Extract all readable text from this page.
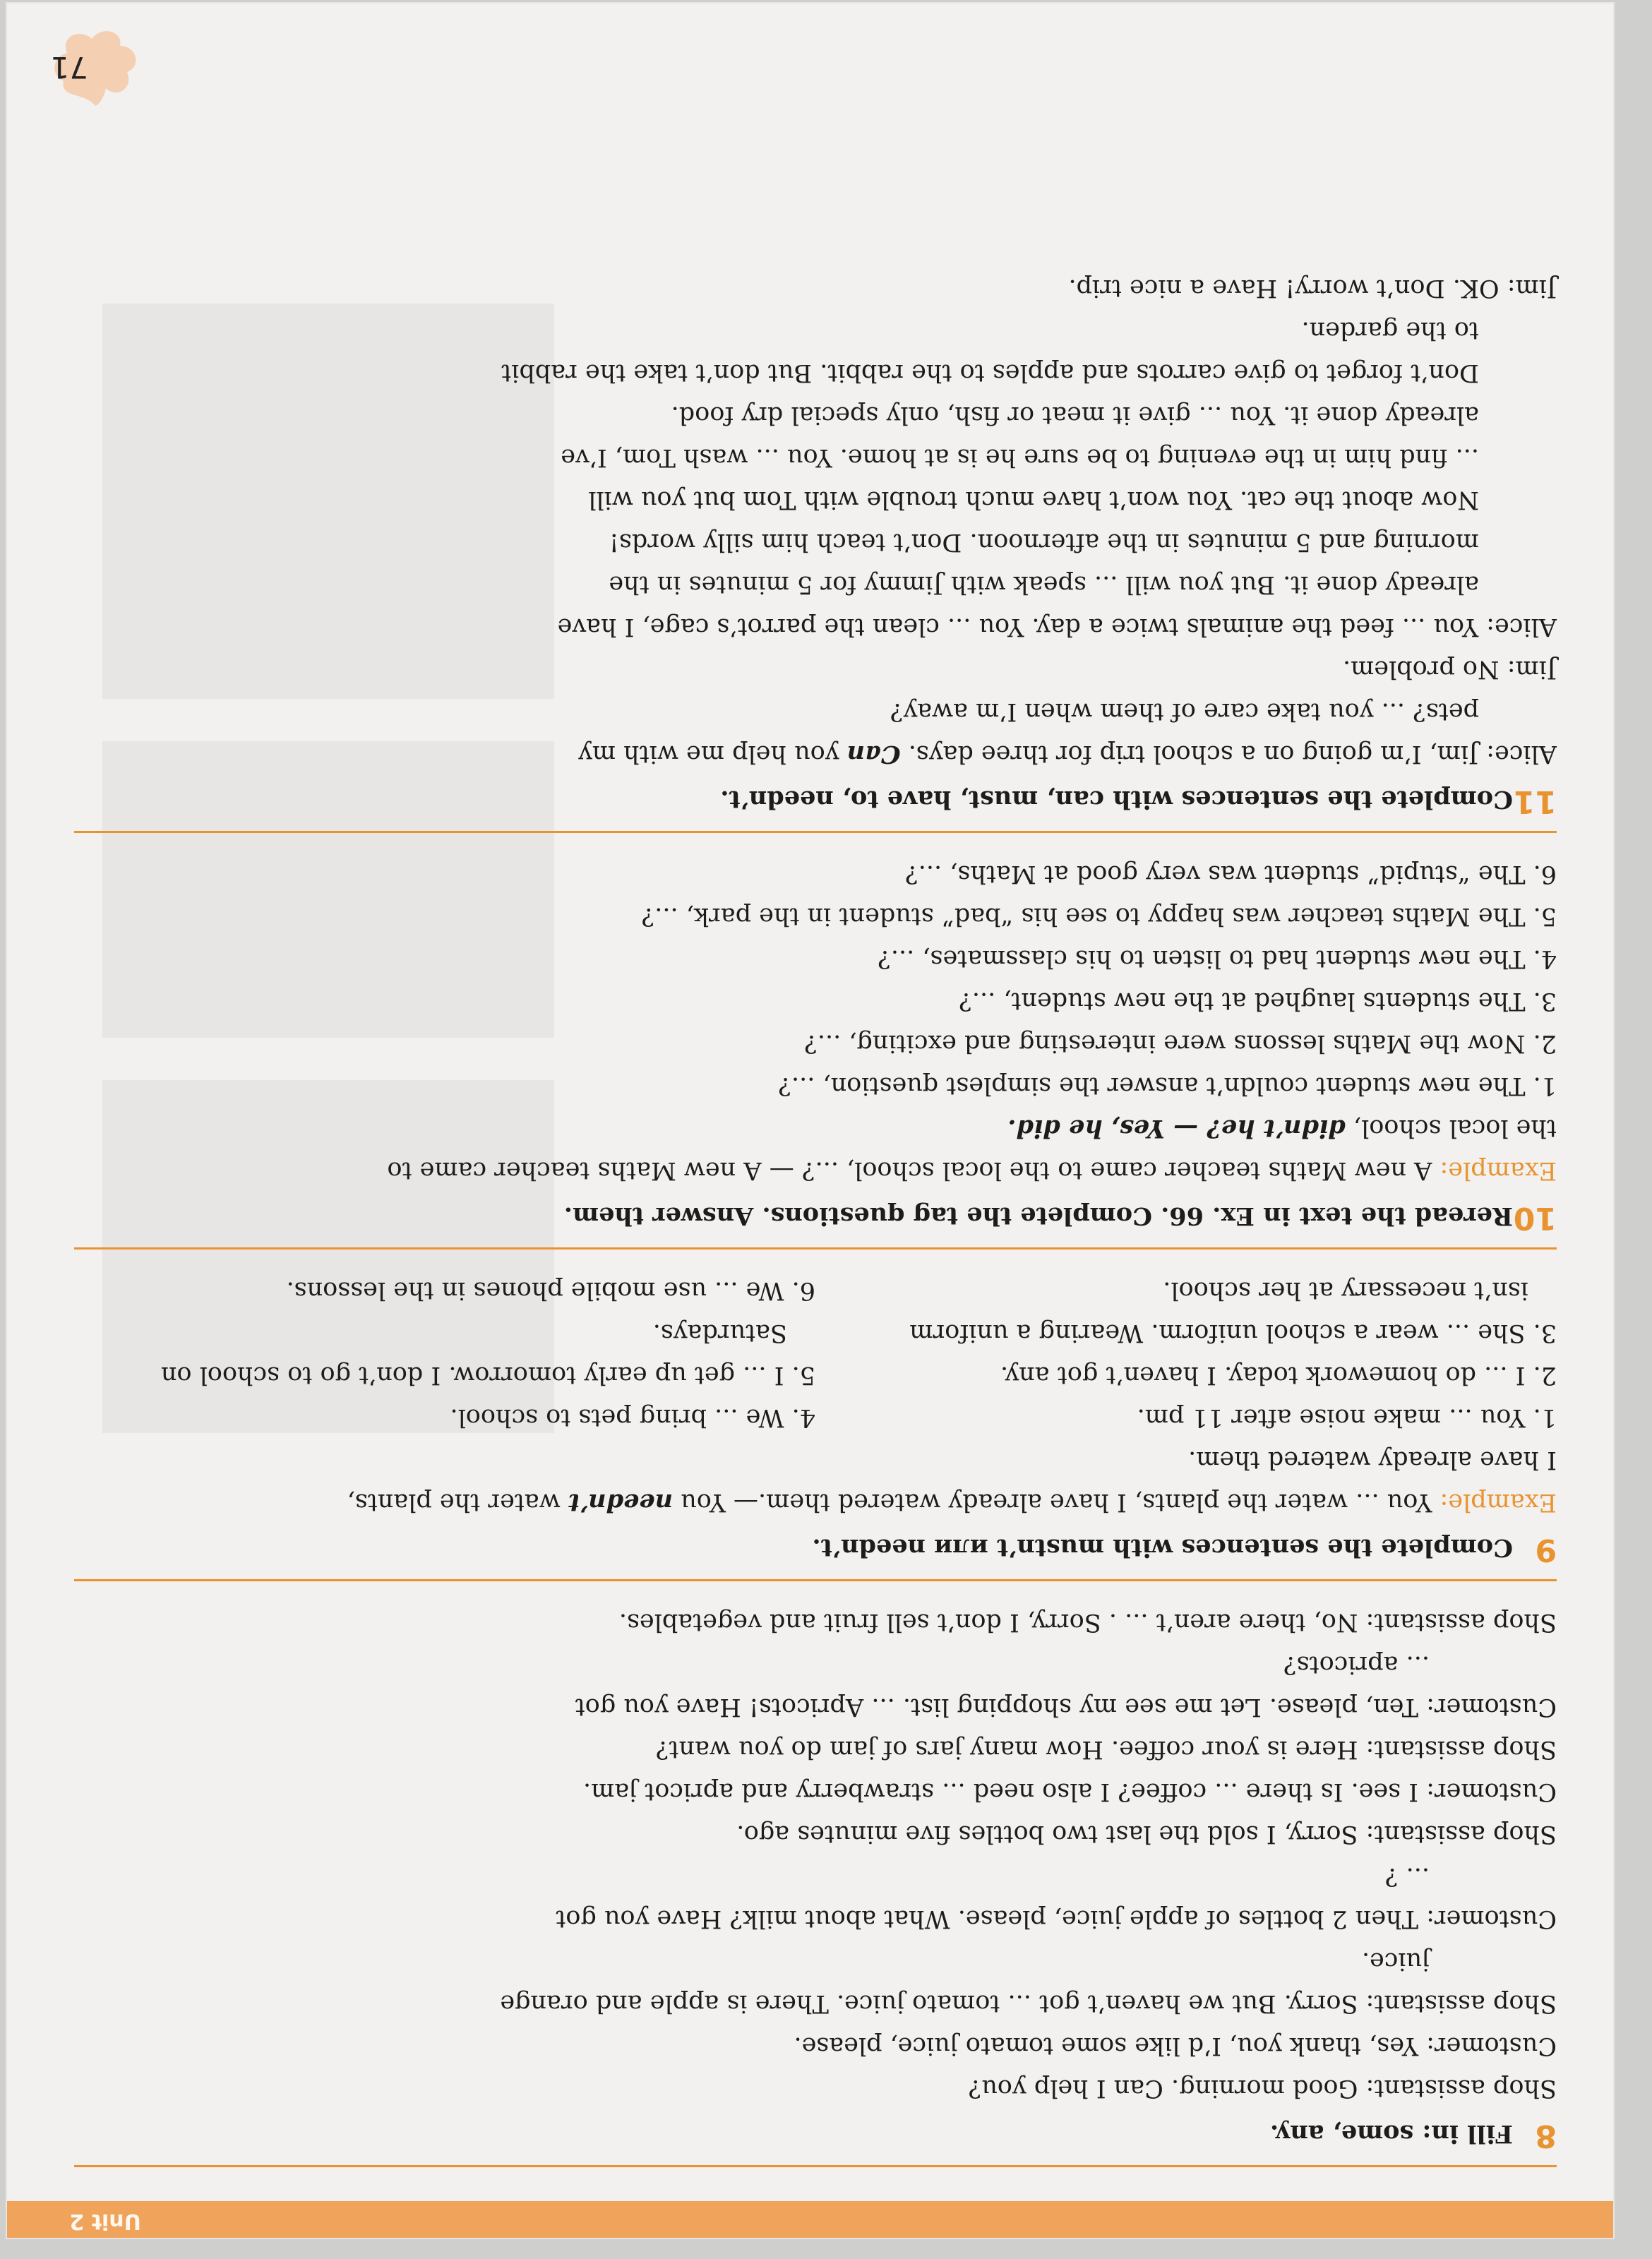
Unit 2
8Fill in: some, any.

Shop assistant: Good morning. Can I help you?

Customer: Yes, thank you, I’d like some tomato juice, please.

Shop assistant: Sorry. But we haven’t got ... tomato juice. There is apple and orange

juice.

Customer: Then 2 bottles of apple juice, please. What about milk? Have you got

... ?

Shop assistant: Sorry, I sold the last two bottles five minutes ago.

Customer: I see. Is there ... coffee? I also need ... strawberry and apricot jam.

Shop assistant: Here is your coffee. How many jars of jam do you want?

Customer: Ten, please. Let me see my shopping list. ... Apricots! Have you got

... apricots?

Shop assistant: No, there aren’t ... . Sorry, I don’t sell fruit and vegetables.

9Complete the sentences with mustn’t или needn’t.

Example: You ... water the plants, I have already watered them.— You needn’t water the plants,

I have already watered them.

1. You ... make noise after 11 pm.

2. I ... do homework today. I haven’t got any.

3. She ... wear a school uniform. Wearing a uniform isn’t necessary at her school.

4. We ... bring pets to school.

5. I ... get up early tomorrow. I don’t go to school on Saturdays.

6. We ... use mobile phones in the lessons.

10Reread the text in Ex. 66. Complete the tag questions. Answer them.

Example: A new Maths teacher came to the local school, ...? — A new Maths teacher came to

the local school, didn’t he? — Yes, he did.

1. The new student couldn’t answer the simplest question, ...?

2. Now the Maths lessons were interesting and exciting, ...?

3. The students laughed at the new student, ...?

4. The new student had to listen to his classmates, ...?

5. The Maths teacher was happy to see his “bad” student in the park, ...?

6. The “stupid” student was very good at Maths, ...?

11Complete the sentences with can, must, have to, needn’t.

Alice: Jim, I’m going on a school trip for three days. Can you help me with my

pets? ... you take care of them when I’m away?

Jim: No problem.

Alice: You ... feed the animals twice a day. You ... clean the parrot’s cage, I have

already done it. But you will ... speak with Jimmy for 5 minutes in the

morning and 5 minutes in the afternoon. Don’t teach him silly words!

Now about the cat. You won’t have much trouble with Tom but you will

... find him in the evening to be sure he is at home. You ... wash Tom, I’ve

already done it. You ... give it meat or fish, only special dry food.

Don’t forget to give carrots and apples to the rabbit. But don’t take the rabbit

to the garden.

Jim: OK. Don’t worry! Have a nice trip.

71
